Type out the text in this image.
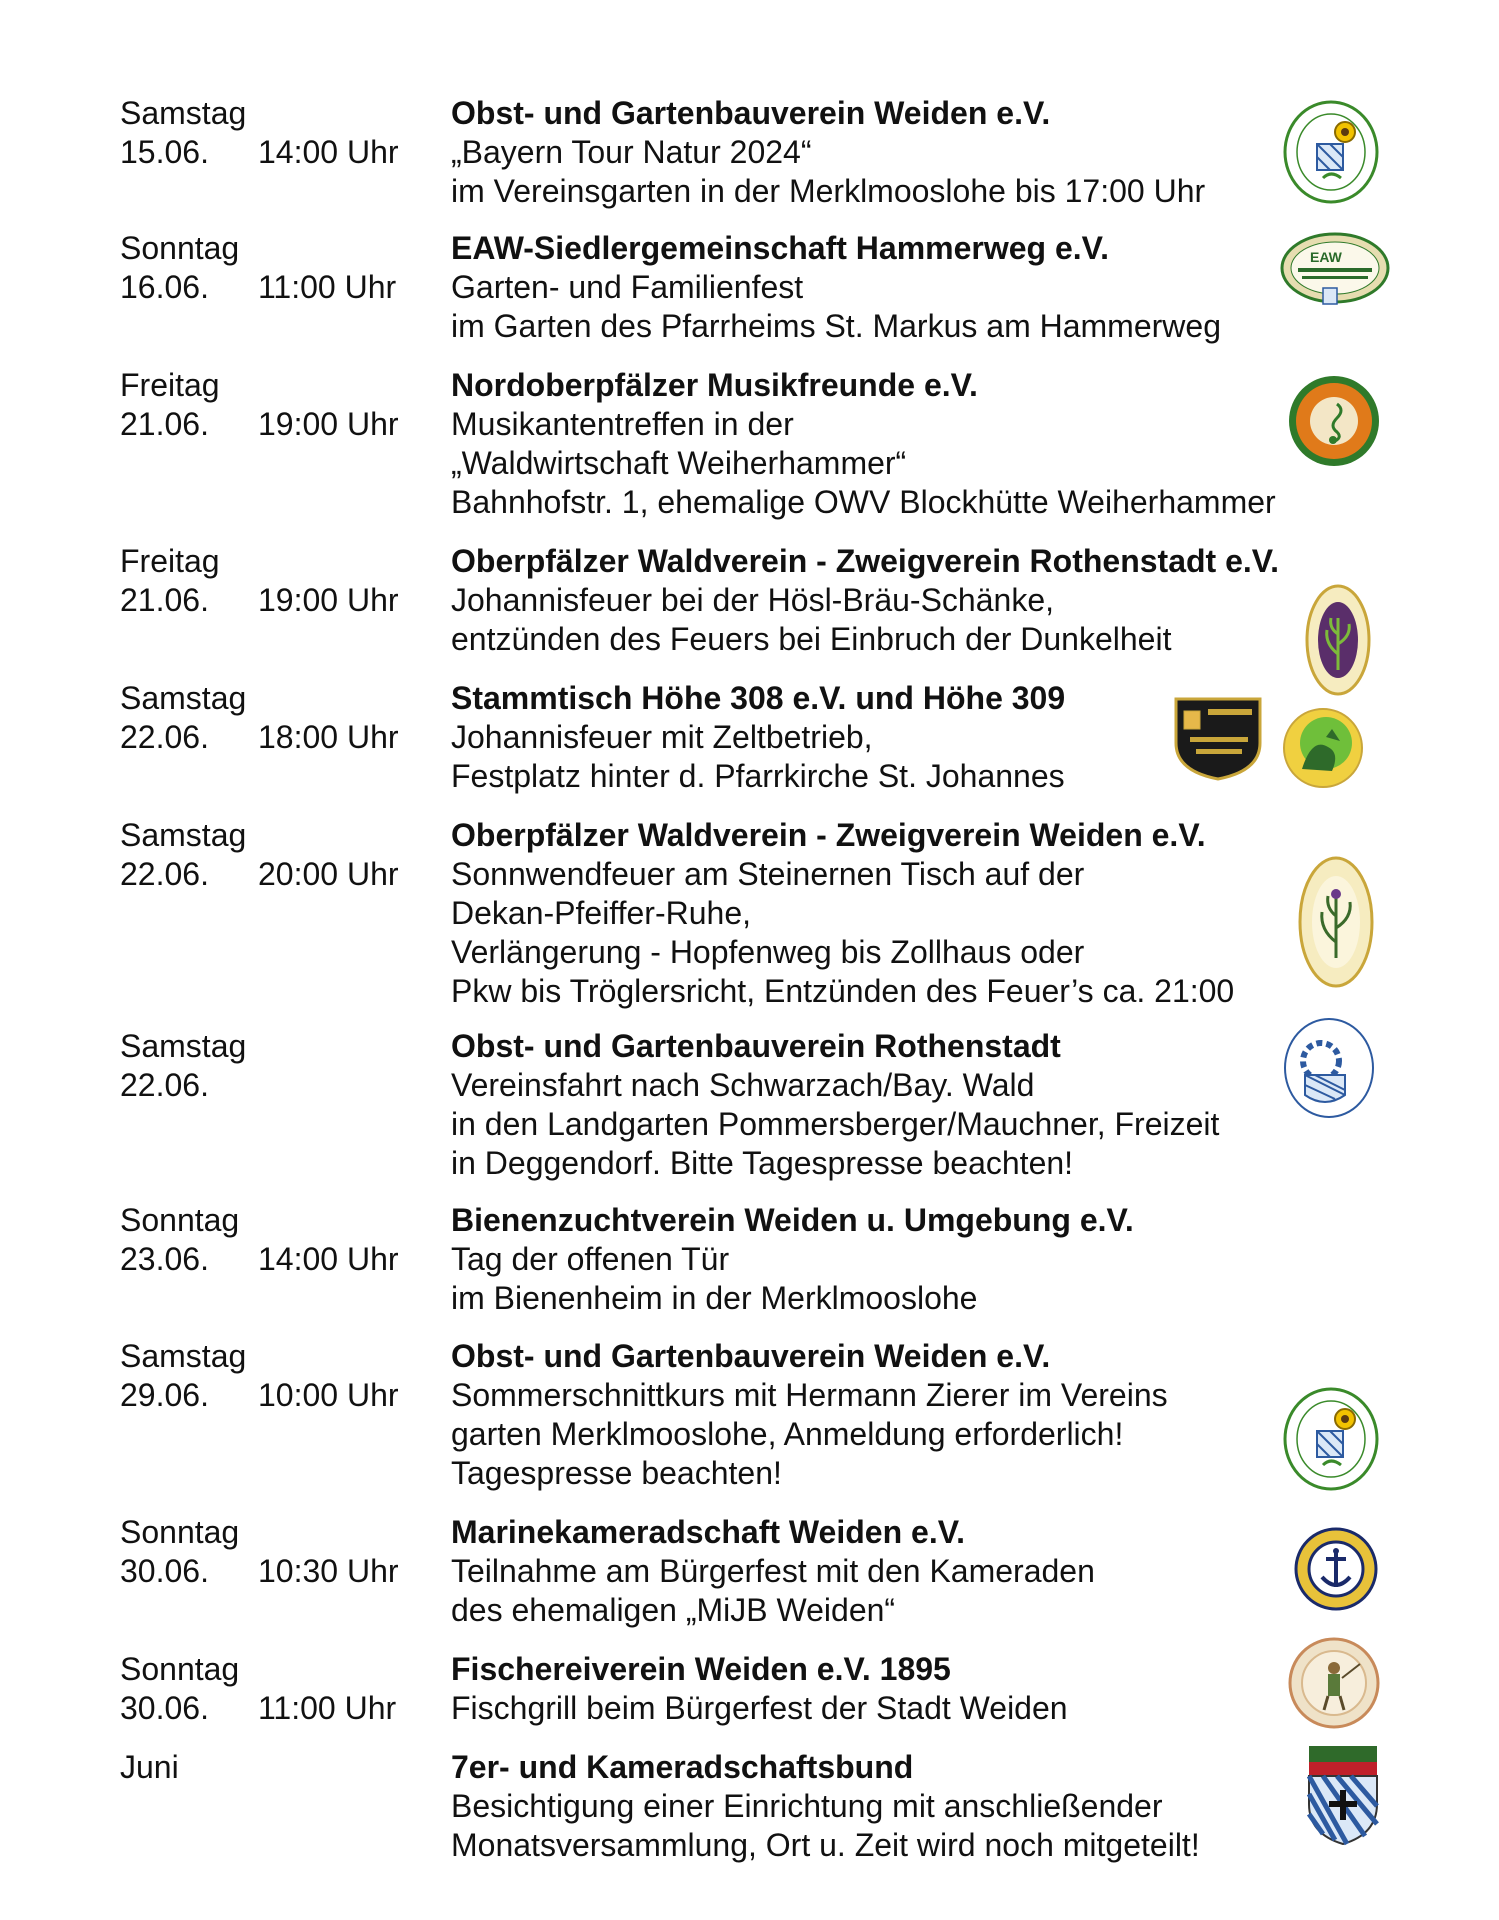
Samstag
15.06. 14:00 Uhr
Obst- und Gartenbauverein Weiden e.V.
„Bayern Tour Natur 2024“
im Vereinsgarten in der Merklmooslohe bis 17:00 Uhr
Sonntag
16.06. 11:00 Uhr
EAW-Siedlergemeinschaft Hammerweg e.V.
Garten- und Familienfest
im Garten des Pfarrheims St. Markus am Hammerweg
EAW
Freitag
21.06. 19:00 Uhr
Nordoberpfälzer Musikfreunde e.V.
Musikantentreffen in der
„Waldwirtschaft Weiherhammer“
Bahnhofstr. 1, ehemalige OWV Blockhütte Weiherhammer
Freitag
21.06. 19:00 Uhr
Oberpfälzer Waldverein - Zweigverein Rothenstadt e.V.
Johannisfeuer bei der Hösl-Bräu-Schänke,
entzünden des Feuers bei Einbruch der Dunkelheit
Samstag
22.06. 18:00 Uhr
Stammtisch Höhe 308 e.V. und Höhe 309
Johannisfeuer mit Zeltbetrieb,
Festplatz hinter d. Pfarrkirche St. Johannes
Samstag
22.06. 20:00 Uhr
Oberpfälzer Waldverein - Zweigverein Weiden e.V.
Sonnwendfeuer am Steinernen Tisch auf der
Dekan-Pfeiffer-Ruhe,
Verlängerung - Hopfenweg bis Zollhaus oder
Pkw bis Tröglersricht, Entzünden des Feuer’s ca. 21:00
Samstag
22.06.
Obst- und Gartenbauverein Rothenstadt
Vereinsfahrt nach Schwarzach/Bay. Wald
in den Landgarten Pommersberger/Mauchner, Freizeit
in Deggendorf. Bitte Tagespresse beachten!
Sonntag
23.06. 14:00 Uhr
Bienenzuchtverein Weiden u. Umgebung e.V.
Tag der offenen Tür
im Bienenheim in der Merklmooslohe
Samstag
29.06. 10:00 Uhr
Obst- und Gartenbauverein Weiden e.V.
Sommerschnittkurs mit Hermann Zierer im Vereins
garten Merklmooslohe, Anmeldung erforderlich!
Tagespresse beachten!
Sonntag
30.06. 10:30 Uhr
Marinekameradschaft Weiden e.V.
Teilnahme am Bürgerfest mit den Kameraden
des ehemaligen „MiJB Weiden“
Sonntag
30.06. 11:00 Uhr
Fischereiverein Weiden e.V. 1895
Fischgrill beim Bürgerfest der Stadt Weiden
Juni	7er- und Kameradschaftsbund
Besichtigung einer Einrichtung mit anschließender
Monatsversammlung, Ort u. Zeit wird noch mitgeteilt!
